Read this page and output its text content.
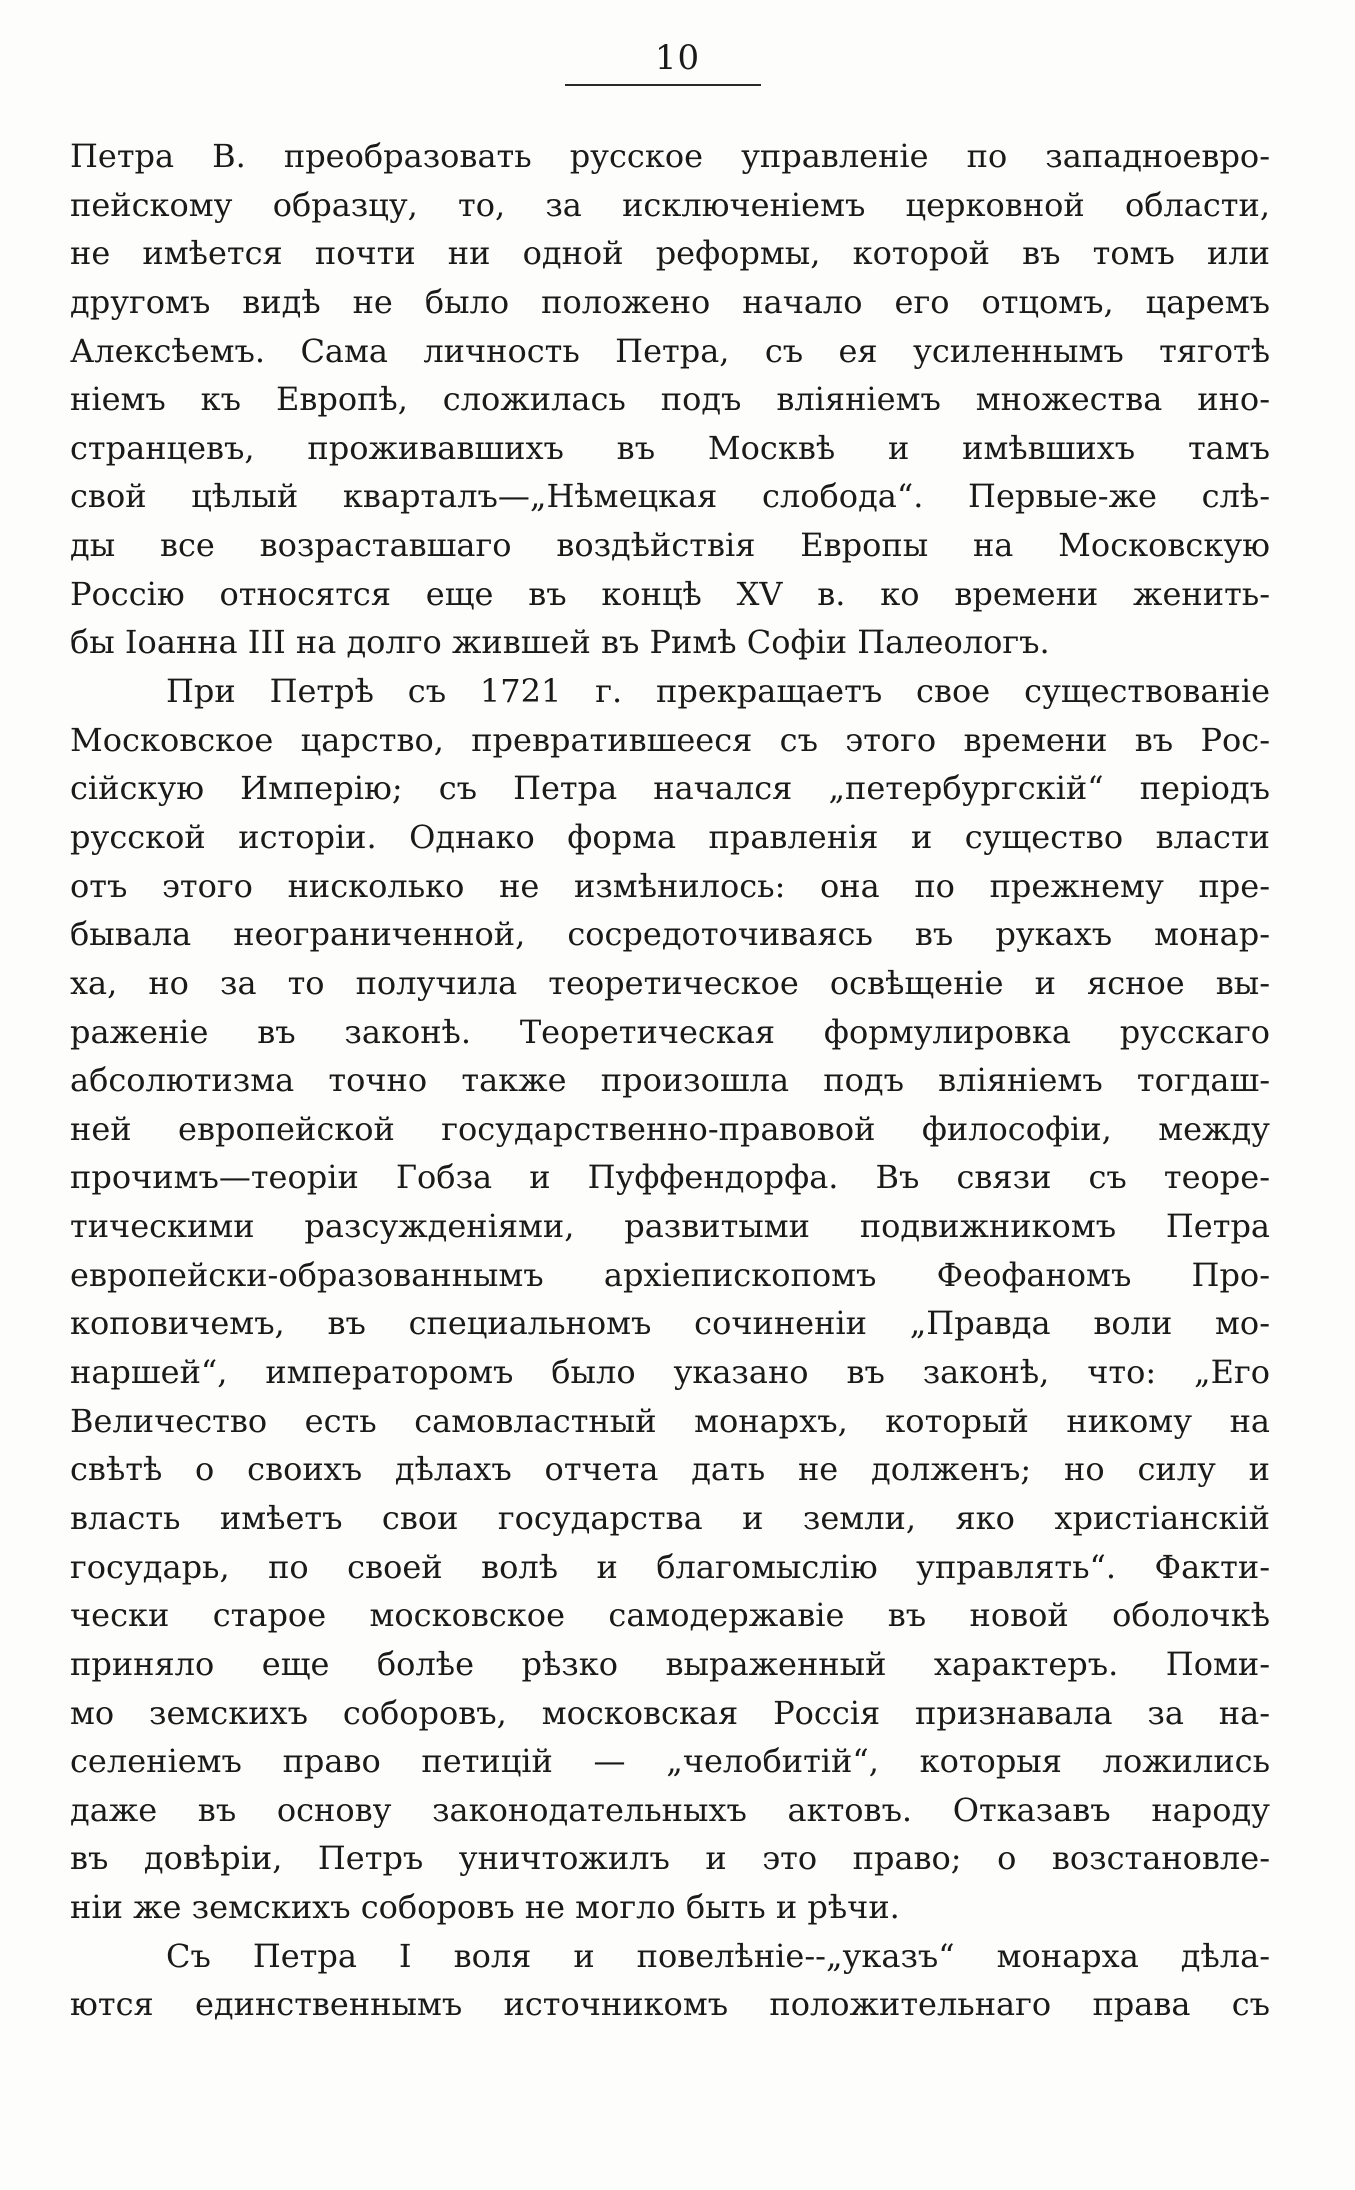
10
Петра В. преобразовать русское управленіе по западноевро-
пейскому образцу, то, за исключеніемъ церковной области,
не имѣется почти ни одной реформы, которой въ томъ или
другомъ видѣ не было положено начало его отцомъ, царемъ
Алексѣемъ. Сама личность Петра, съ ея усиленнымъ тяготѣ
ніемъ къ Европѣ, сложилась подъ вліяніемъ множества ино-
странцевъ, проживавшихъ въ Москвѣ и имѣвшихъ тамъ
свой цѣлый кварталъ—„Нѣмецкая слобода“. Первые-же слѣ-
ды все возраставшаго воздѣйствія Европы на Московскую
Россію относятся еще въ концѣ XV в. ко времени женить-
бы Іоанна III на долго жившей въ Римѣ Софіи Палеологъ.
При Петрѣ съ 1721 г. прекращаетъ свое существованіе
Московское царство, превратившееся съ этого времени въ Рос-
сійскую Имперію; съ Петра начался „петербургскій“ періодъ
русской исторіи. Однако форма правленія и существо власти
отъ этого нисколько не измѣнилось: она по прежнему пре-
бывала неограниченной, сосредоточиваясь въ рукахъ монар-
ха, но за то получила теоретическое освѣщеніе и ясное вы-
раженіе въ законѣ. Теоретическая формулировка русскаго
абсолютизма точно также произошла подъ вліяніемъ тогдаш-
ней европейской государственно-правовой философіи, между
прочимъ—теоріи Гобза и Пуффендорфа. Въ связи съ теоре-
тическими разсужденіями, развитыми подвижникомъ Петра
европейски-образованнымъ архіепископомъ Феофаномъ Про-
коповичемъ, въ специальномъ сочиненіи „Правда воли мо-
наршей“, императоромъ было указано въ законѣ, что: „Его
Величество есть самовластный монархъ, который никому на
свѣтѣ о своихъ дѣлахъ отчета дать не долженъ; но силу и
власть имѣетъ свои государства и земли, яко христіанскій
государь, по своей волѣ и благомыслію управлять“. Факти-
чески старое московское самодержавіе въ новой оболочкѣ
приняло еще болѣе рѣзко выраженный характеръ. Поми-
мо земскихъ соборовъ, московская Россія признавала за на-
селеніемъ право петицій — „челобитій“, которыя ложились
даже въ основу законодательныхъ актовъ. Отказавъ народу
въ довѣріи, Петръ уничтожилъ и это право; о возстановле-
ніи же земскихъ соборовъ не могло быть и рѣчи.
Съ Петра I воля и повелѣніе--„указъ“ монарха дѣла-
ются единственнымъ источникомъ положительнаго права съ
